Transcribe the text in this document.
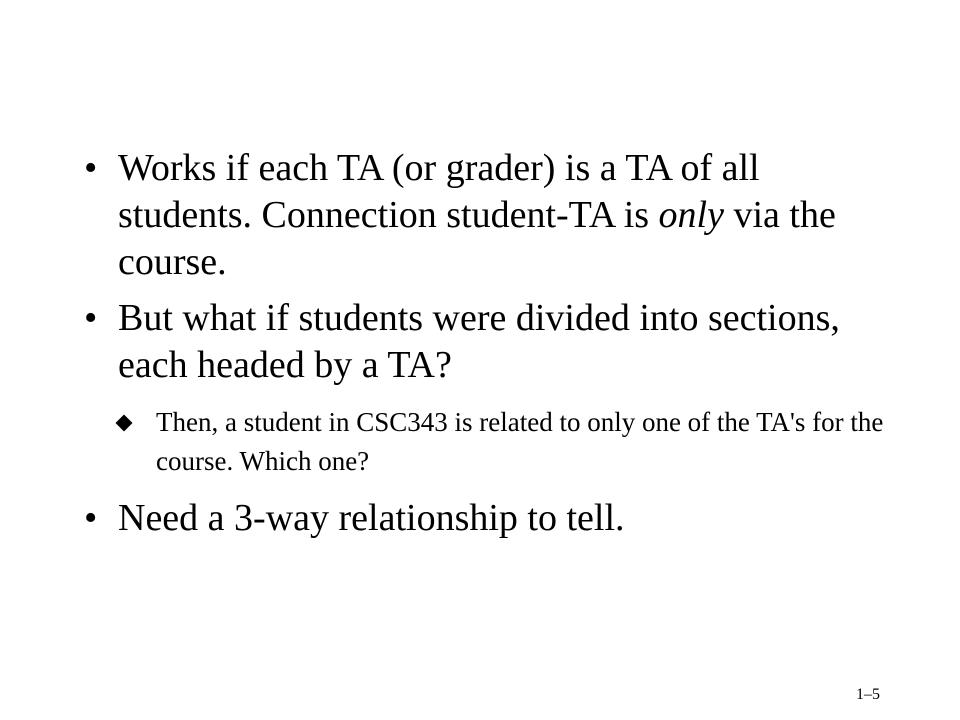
• Works if each TA (or grader) is a TA of all students. Connection student-TA is only via the course.
• But what if students were divided into sections, each headed by a TA?
Then, a student in CSC343 is related to only one of the TA's for the course. Which one?
• Need a 3-way relationship to tell.
1–5
